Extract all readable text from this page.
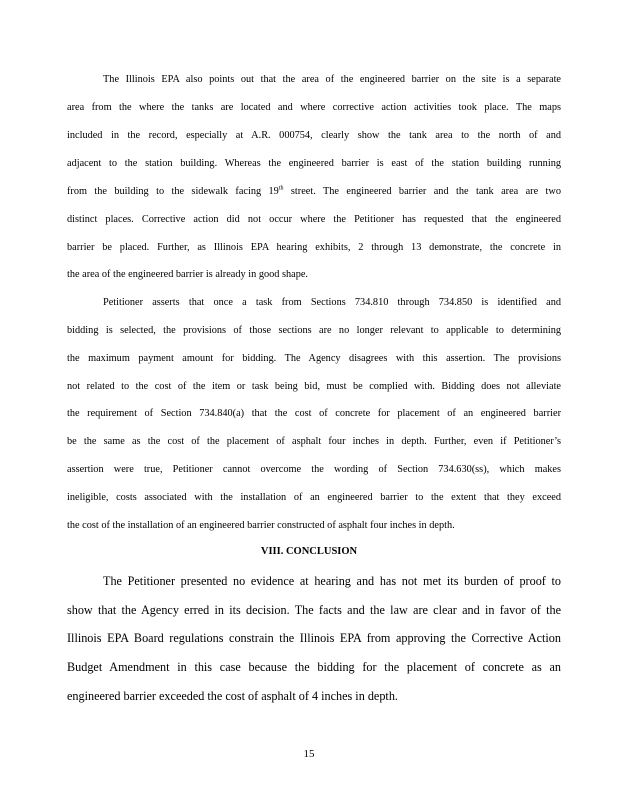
The Illinois EPA also points out that the area of the engineered barrier on the site is a separate
area from the where the tanks are located and where corrective action activities took place. The maps
included in the record, especially at A.R. 000754, clearly show the tank area to the north of and
adjacent to the station building. Whereas the engineered barrier is east of the station building running
from the building to the sidewalk facing 19th street. The engineered barrier and the tank area are two
distinct places. Corrective action did not occur where the Petitioner has requested that the engineered
barrier be placed. Further, as Illinois EPA hearing exhibits, 2 through 13 demonstrate, the concrete in
the area of the engineered barrier is already in good shape.
Petitioner asserts that once a task from Sections 734.810 through 734.850 is identified and
bidding is selected, the provisions of those sections are no longer relevant to applicable to determining
the maximum payment amount for bidding. The Agency disagrees with this assertion. The provisions
not related to the cost of the item or task being bid, must be complied with. Bidding does not alleviate
the requirement of Section 734.840(a) that the cost of concrete for placement of an engineered barrier
be the same as the cost of the placement of asphalt four inches in depth. Further, even if Petitioner’s
assertion were true, Petitioner cannot overcome the wording of Section 734.630(ss), which makes
ineligible, costs associated with the installation of an engineered barrier to the extent that they exceed
the cost of the installation of an engineered barrier constructed of asphalt four inches in depth.
VIII. CONCLUSION
The Petitioner presented no evidence at hearing and has not met its burden of proof to
show that the Agency erred in its decision. The facts and the law are clear and in favor of the
Illinois EPA Board regulations constrain the Illinois EPA from approving the Corrective Action
Budget Amendment in this case because the bidding for the placement of concrete as an
engineered barrier exceeded the cost of asphalt of 4 inches in depth.
15
